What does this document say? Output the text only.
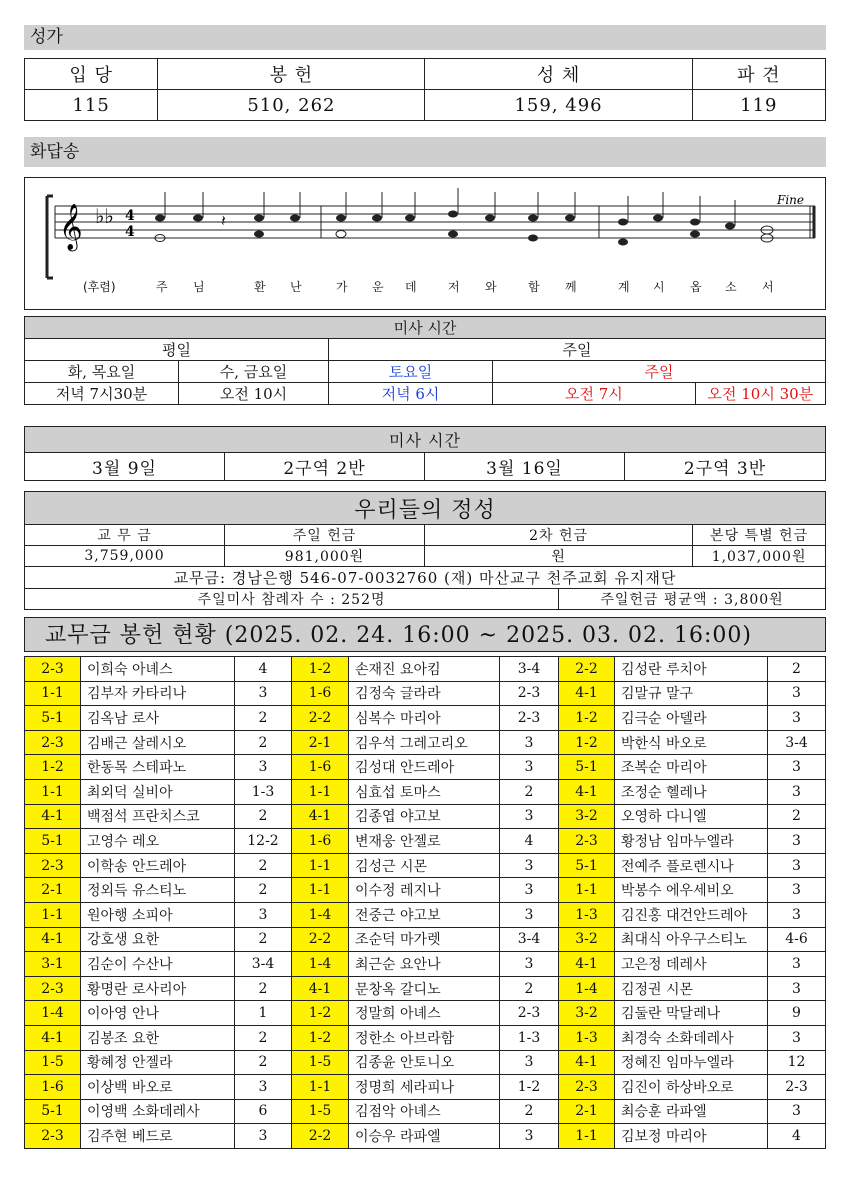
성가
입 당	봉 헌	성 체	파 견
115	510, 262	159, 496	119
화답송
𝄞 ♭♭ 4
4
𝄽
Fine
(후렴)	주 님	환 난	가 운 데	저 와	함 께	계 시 옵 소 서
미사 시간				
평일		주일		
화, 목요일	수, 금요일	토요일	주일	
저녁 7시30분	오전 10시	저녁 6시	오전 7시	오전 10시 30분
미사 시간
3월 9일	2구역 2반	3월 16일	2구역 3반
우리들의 정성				
교 무 금	주일 헌금	2차 헌금		본당 특별 헌금
3,759,000	981,000원	원		1,037,000원
교무금: 경남은행 546-07-0032760 (재) 마산교구 천주교회 유지재단				
주일미사 참례자 수 : 252명			주일헌금 평균액 : 3,800원	
교무금 봉헌 현황 (2025. 02. 24. 16:00 ~ 2025. 03. 02. 16:00)
2-3	이희숙 아녜스	4	1-2	손재진 요아킴	3-4	2-2	김성란 루치아	2
1-1	김부자 카타리나	3	1-6	김정숙 글라라	2-3	4-1	김말규 말구	3
5-1	김옥남 로사	2	2-2	심복수 마리아	2-3	1-2	김극순 아델라	3
2-3	김배근 살레시오	2	2-1	김우석 그레고리오	3	1-2	박한식 바오로	3-4
1-2	한동목 스테파노	3	1-6	김성대 안드레아	3	5-1	조복순 마리아	3
1-1	최외덕 실비아	1-3	1-1	심효섭 토마스	2	4-1	조정순 헬레나	3
4-1	백점석 프란치스코	2	4-1	김종엽 야고보	3	3-2	오영하 다니엘	2
5-1	고영수 레오	12-2	1-6	변재웅 안젤로	4	2-3	황정남 임마누엘라	3
2-3	이학송 안드레아	2	1-1	김성근 시몬	3	5-1	전예주 플로렌시나	3
2-1	정외득 유스티노	2	1-1	이수정 레지나	3	1-1	박봉수 에우세비오	3
1-1	원아행 소피아	3	1-4	전중근 야고보	3	1-3	김진홍 대건안드레아	3
4-1	강호생 요한	2	2-2	조순덕 마가렛	3-4	3-2	최대식 아우구스티노	4-6
3-1	김순이 수산나	3-4	1-4	최근순 요안나	3	4-1	고은정 데레사	3
2-3	황명란 로사리아	2	4-1	문창옥 갈디노	2	1-4	김정권 시몬	3
1-4	이아영 안나	1	1-2	정말희 아녜스	2-3	3-2	김둘란 막달레나	9
4-1	김봉조 요한	2	1-2	정한소 아브라함	1-3	1-3	최경숙 소화데레사	3
1-5	황혜정 안젤라	2	1-5	김종윤 안토니오	3	4-1	정혜진 임마누엘라	12
1-6	이상백 바오로	3	1-1	정명희 세라피나	1-2	2-3	김진이 하상바오로	2-3
5-1	이영백 소화데레사	6	1-5	김점악 아녜스	2	2-1	최승훈 라파엘	3
2-3	김주현 베드로	3	2-2	이승우 라파엘	3	1-1	김보정 마리아	4
